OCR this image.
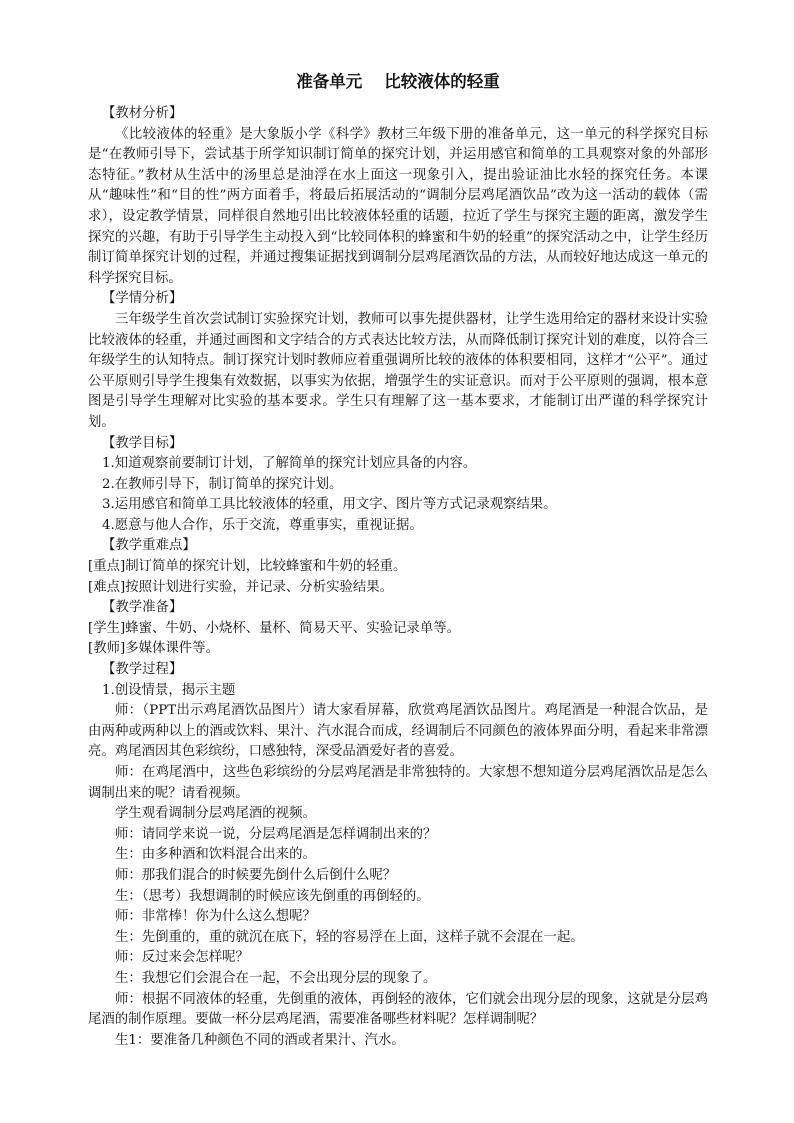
准备单元 比较液体的轻重

【教材分析】

《比较液体的轻重》是大象版小学《科学》教材三年级下册的准备单元，这一单元的科学探究目标是“在教师引导下，尝试基于所学知识制订简单的探究计划，并运用感官和简单的工具观察对象的外部形态特征。”教材从生活中的汤里总是油浮在水上面这一现象引入，提出验证油比水轻的探究任务。本课从“趣味性”和“目的性”两方面着手，将最后拓展活动的“调制分层鸡尾酒饮品”改为这一活动的载体（需求），设定教学情景，同样很自然地引出比较液体轻重的话题，拉近了学生与探究主题的距离，激发学生探究的兴趣，有助于引导学生主动投入到“比较同体积的蜂蜜和牛奶的轻重”的探究活动之中，让学生经历制订简单探究计划的过程，并通过搜集证据找到调制分层鸡尾酒饮品的方法，从而较好地达成这一单元的科学探究目标。

【学情分析】

三年级学生首次尝试制订实验探究计划，教师可以事先提供器材，让学生选用给定的器材来设计实验比较液体的轻重，并通过画图和文字结合的方式表达比较方法，从而降低制订探究计划的难度，以符合三年级学生的认知特点。制订探究计划时教师应着重强调所比较的液体的体积要相同，这样才“公平”。通过公平原则引导学生搜集有效数据，以事实为依据，增强学生的实证意识。而对于公平原则的强调，根本意图是引导学生理解对比实验的基本要求。学生只有理解了这一基本要求，才能制订出严谨的科学探究计划。

【教学目标】

1.知道观察前要制订计划，了解简单的探究计划应具备的内容。

2.在教师引导下，制订简单的探究计划。

3.运用感官和简单工具比较液体的轻重，用文字、图片等方式记录观察结果。

4.愿意与他人合作，乐于交流，尊重事实，重视证据。

【教学重难点】

[重点]制订简单的探究计划，比较蜂蜜和牛奶的轻重。

[难点]按照计划进行实验，并记录、分析实验结果。

【教学准备】

[学生]蜂蜜、牛奶、小烧杯、量杯、简易天平、实验记录单等。

[教师]多媒体课件等。

【教学过程】

1.创设情景，揭示主题

师：（PPT出示鸡尾酒饮品图片）请大家看屏幕，欣赏鸡尾酒饮品图片。鸡尾酒是一种混合饮品，是由两种或两种以上的酒或饮料、果汁、汽水混合而成，经调制后不同颜色的液体界面分明，看起来非常漂亮。鸡尾酒因其色彩缤纷，口感独特，深受品酒爱好者的喜爱。

师：在鸡尾酒中，这些色彩缤纷的分层鸡尾酒是非常独特的。大家想不想知道分层鸡尾酒饮品是怎么调制出来的呢？请看视频。

学生观看调制分层鸡尾酒的视频。

师：请同学来说一说，分层鸡尾酒是怎样调制出来的？

生：由多种酒和饮料混合出来的。

师：那我们混合的时候要先倒什么后倒什么呢？

生：（思考）我想调制的时候应该先倒重的再倒轻的。

师：非常棒！你为什么这么想呢？

生：先倒重的，重的就沉在底下，轻的容易浮在上面，这样子就不会混在一起。

师：反过来会怎样呢？

生：我想它们会混合在一起，不会出现分层的现象了。

师：根据不同液体的轻重，先倒重的液体，再倒轻的液体，它们就会出现分层的现象，这就是分层鸡尾酒的制作原理。要做一杯分层鸡尾酒，需要准备哪些材料呢？怎样调制呢？

生1：要准备几种颜色不同的酒或者果汁、汽水。
